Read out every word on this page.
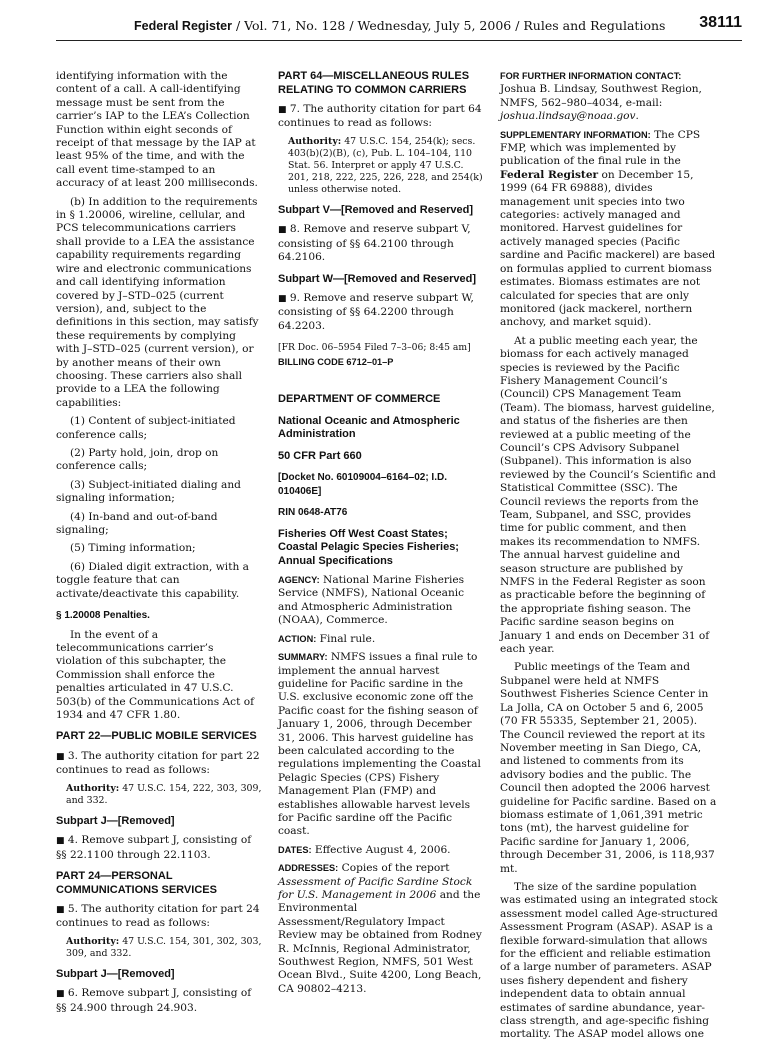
Federal Register / Vol. 71, No. 128 / Wednesday, July 5, 2006 / Rules and Regulations 38111

identifying information with the content of a call. A call-identifying message must be sent from the carrier’s IAP to the LEA’s Collection Function within eight seconds of receipt of that message by the IAP at least 95% of the time, and with the call event time-stamped to an accuracy of at least 200 milliseconds.

(b) In addition to the requirements in § 1.20006, wireline, cellular, and PCS telecommunications carriers shall provide to a LEA the assistance capability requirements regarding wire and electronic communications and call identifying information covered by J–STD–025 (current version), and, subject to the definitions in this section, may satisfy these requirements by complying with J–STD–025 (current version), or by another means of their own choosing. These carriers also shall provide to a LEA the following capabilities:

(1) Content of subject-initiated conference calls;

(2) Party hold, join, drop on conference calls;

(3) Subject-initiated dialing and signaling information;

(4) In-band and out-of-band signaling;

(5) Timing information;

(6) Dialed digit extraction, with a toggle feature that can activate/deactivate this capability.

§ 1.20008 Penalties.

In the event of a telecommunications carrier’s violation of this subchapter, the Commission shall enforce the penalties articulated in 47 U.S.C. 503(b) of the Communications Act of 1934 and 47 CFR 1.80.

PART 22—PUBLIC MOBILE SERVICES

■ 3. The authority citation for part 22 continues to read as follows:

Authority: 47 U.S.C. 154, 222, 303, 309, and 332.

Subpart J—[Removed]

■ 4. Remove subpart J, consisting of §§ 22.1100 through 22.1103.

PART 24—PERSONAL COMMUNICATIONS SERVICES

■ 5. The authority citation for part 24 continues to read as follows:

Authority: 47 U.S.C. 154, 301, 302, 303, 309, and 332.

Subpart J—[Removed]

■ 6. Remove subpart J, consisting of §§ 24.900 through 24.903.

PART 64—MISCELLANEOUS RULES RELATING TO COMMON CARRIERS

■ 7. The authority citation for part 64 continues to read as follows:

Authority: 47 U.S.C. 154, 254(k); secs. 403(b)(2)(B), (c), Pub. L. 104–104, 110 Stat. 56. Interpret or apply 47 U.S.C. 201, 218, 222, 225, 226, 228, and 254(k) unless otherwise noted.

Subpart V—[Removed and Reserved]

■ 8. Remove and reserve subpart V, consisting of §§ 64.2100 through 64.2106.

Subpart W—[Removed and Reserved]

■ 9. Remove and reserve subpart W, consisting of §§ 64.2200 through 64.2203.

[FR Doc. 06–5954 Filed 7–3–06; 8:45 am]

BILLING CODE 6712–01–P

DEPARTMENT OF COMMERCE
National Oceanic and Atmospheric Administration
50 CFR Part 660
[Docket No. 60109004–6164–02; I.D. 010406E]
RIN 0648-AT76
Fisheries Off West Coast States; Coastal Pelagic Species Fisheries; Annual Specifications

AGENCY: National Marine Fisheries Service (NMFS), National Oceanic and Atmospheric Administration (NOAA), Commerce.

ACTION: Final rule.

SUMMARY: NMFS issues a final rule to implement the annual harvest guideline for Pacific sardine in the U.S. exclusive economic zone off the Pacific coast for the fishing season of January 1, 2006, through December 31, 2006. This harvest guideline has been calculated according to the regulations implementing the Coastal Pelagic Species (CPS) Fishery Management Plan (FMP) and establishes allowable harvest levels for Pacific sardine off the Pacific coast.

DATES: Effective August 4, 2006.

ADDRESSES: Copies of the report Assessment of Pacific Sardine Stock for U.S. Management in 2006 and the Environmental Assessment/Regulatory Impact Review may be obtained from Rodney R. McInnis, Regional Administrator, Southwest Region, NMFS, 501 West Ocean Blvd., Suite 4200, Long Beach, CA 90802–4213.

FOR FURTHER INFORMATION CONTACT:

Joshua B. Lindsay, Southwest Region, NMFS, 562–980–4034, e-mail: joshua.lindsay@noaa.gov.

SUPPLEMENTARY INFORMATION: The CPS FMP, which was implemented by publication of the final rule in the Federal Register on December 15, 1999 (64 FR 69888), divides management unit species into two categories: actively managed and monitored. Harvest guidelines for actively managed species (Pacific sardine and Pacific mackerel) are based on formulas applied to current biomass estimates. Biomass estimates are not calculated for species that are only monitored (jack mackerel, northern anchovy, and market squid).

At a public meeting each year, the biomass for each actively managed species is reviewed by the Pacific Fishery Management Council’s (Council) CPS Management Team (Team). The biomass, harvest guideline, and status of the fisheries are then reviewed at a public meeting of the Council’s CPS Advisory Subpanel (Subpanel). This information is also reviewed by the Council’s Scientific and Statistical Committee (SSC). The Council reviews the reports from the Team, Subpanel, and SSC, provides time for public comment, and then makes its recommendation to NMFS. The annual harvest guideline and season structure are published by NMFS in the Federal Register as soon as practicable before the beginning of the appropriate fishing season. The Pacific sardine season begins on January 1 and ends on December 31 of each year.

Public meetings of the Team and Subpanel were held at NMFS Southwest Fisheries Science Center in La Jolla, CA on October 5 and 6, 2005 (70 FR 55335, September 21, 2005). The Council reviewed the report at its November meeting in San Diego, CA, and listened to comments from its advisory bodies and the public. The Council then adopted the 2006 harvest guideline for Pacific sardine. Based on a biomass estimate of 1,061,391 metric tons (mt), the harvest guideline for Pacific sardine for January 1, 2006, through December 31, 2006, is 118,937 mt.

The size of the sardine population was estimated using an integrated stock assessment model called Age-structured Assessment Program (ASAP). ASAP is a flexible forward-simulation that allows for the efficient and reliable estimation of a large number of parameters. ASAP uses fishery dependent and fishery independent data to obtain annual estimates of sardine abundance, year-class strength, and age-specific fishing mortality. The ASAP model allows one
